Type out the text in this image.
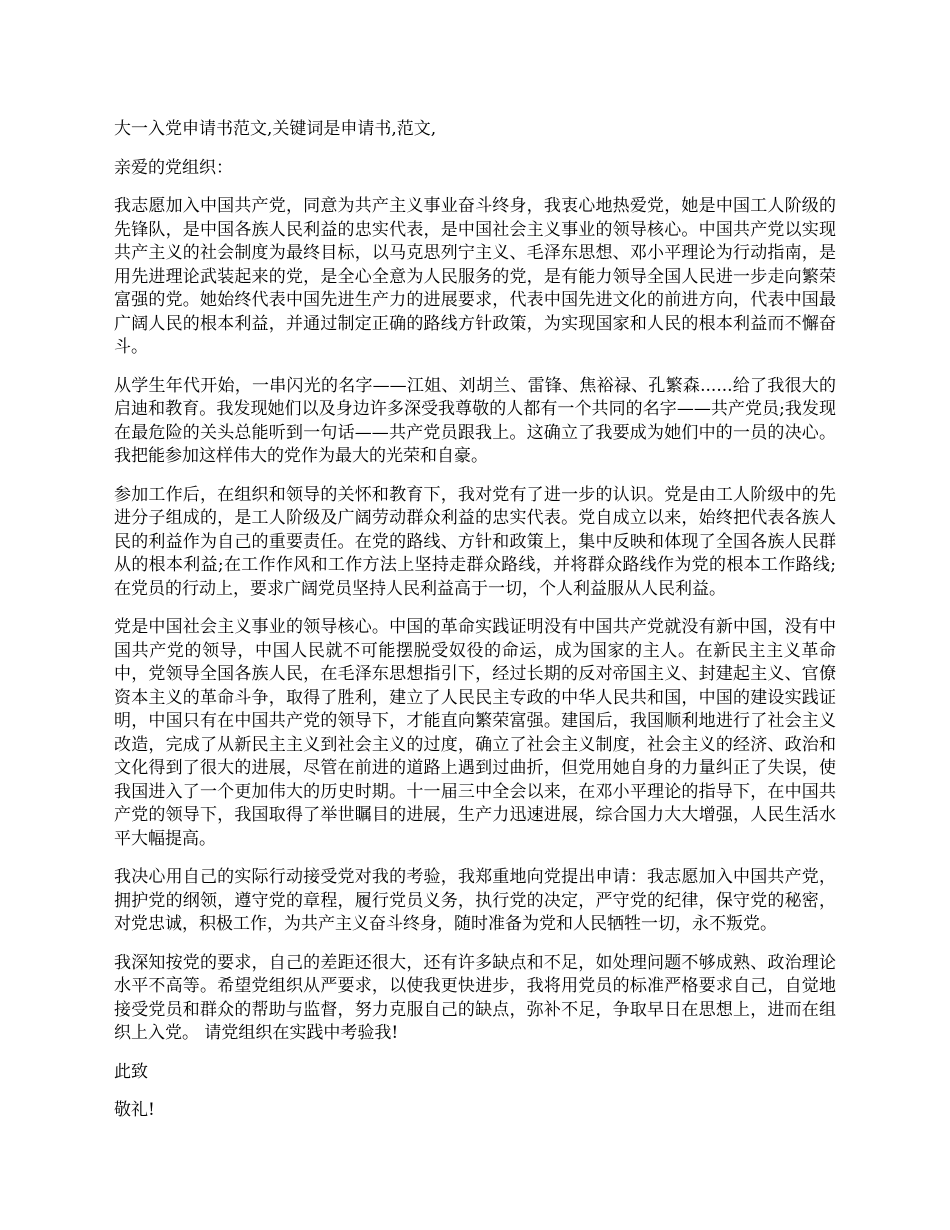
大一入党申请书范文,关键词是申请书,范文,

亲爱的党组织：

我志愿加入中国共产党，同意为共产主义事业奋斗终身，我衷心地热爱党，她是中国工人阶级的先锋队，是中国各族人民利益的忠实代表，是中国社会主义事业的领导核心。中国共产党以实现共产主义的社会制度为最终目标，以马克思列宁主义、毛泽东思想、邓小平理论为行动指南，是用先进理论武装起来的党，是全心全意为人民服务的党，是有能力领导全国人民进一步走向繁荣富强的党。她始终代表中国先进生产力的进展要求，代表中国先进文化的前进方向，代表中国最广阔人民的根本利益，并通过制定正确的路线方针政策，为实现国家和人民的根本利益而不懈奋斗。

从学生年代开始，一串闪光的名字——江姐、刘胡兰、雷锋、焦裕禄、孔繁森......给了我很大的启迪和教育。我发现她们以及身边许多深受我尊敬的人都有一个共同的名字——共产党员;我发现在最危险的关头总能听到一句话——共产党员跟我上。这确立了我要成为她们中的一员的决心。我把能参加这样伟大的党作为最大的光荣和自豪。

参加工作后，在组织和领导的关怀和教育下，我对党有了进一步的认识。党是由工人阶级中的先进分子组成的，是工人阶级及广阔劳动群众利益的忠实代表。党自成立以来，始终把代表各族人民的利益作为自己的重要责任。在党的路线、方针和政策上，集中反映和体现了全国各族人民群从的根本利益;在工作作风和工作方法上坚持走群众路线，并将群众路线作为党的根本工作路线;在党员的行动上，要求广阔党员坚持人民利益高于一切，个人利益服从人民利益。

党是中国社会主义事业的领导核心。中国的革命实践证明没有中国共产党就没有新中国，没有中国共产党的领导，中国人民就不可能摆脱受奴役的命运，成为国家的主人。在新民主主义革命中，党领导全国各族人民，在毛泽东思想指引下，经过长期的反对帝国主义、封建起主义、官僚资本主义的革命斗争，取得了胜利，建立了人民民主专政的中华人民共和国，中国的建设实践证明，中国只有在中国共产党的领导下，才能直向繁荣富强。建国后，我国顺利地进行了社会主义改造，完成了从新民主主义到社会主义的过度，确立了社会主义制度，社会主义的经济、政治和文化得到了很大的进展，尽管在前进的道路上遇到过曲折，但党用她自身的力量纠正了失误，使我国进入了一个更加伟大的历史时期。十一届三中全会以来，在邓小平理论的指导下，在中国共产党的领导下，我国取得了举世瞩目的进展，生产力迅速进展，综合国力大大增强，人民生活水平大幅提高。

我决心用自己的实际行动接受党对我的考验，我郑重地向党提出申请：我志愿加入中国共产党，拥护党的纲领，遵守党的章程，履行党员义务，执行党的决定，严守党的纪律，保守党的秘密，对党忠诚，积极工作，为共产主义奋斗终身，随时准备为党和人民牺牲一切，永不叛党。

我深知按党的要求，自己的差距还很大，还有许多缺点和不足，如处理问题不够成熟、政治理论水平不高等。希望党组织从严要求，以使我更快进步，我将用党员的标准严格要求自己，自觉地接受党员和群众的帮助与监督，努力克服自己的缺点，弥补不足，争取早日在思想上，进而在组织上入党。 请党组织在实践中考验我!

此致

敬礼!
